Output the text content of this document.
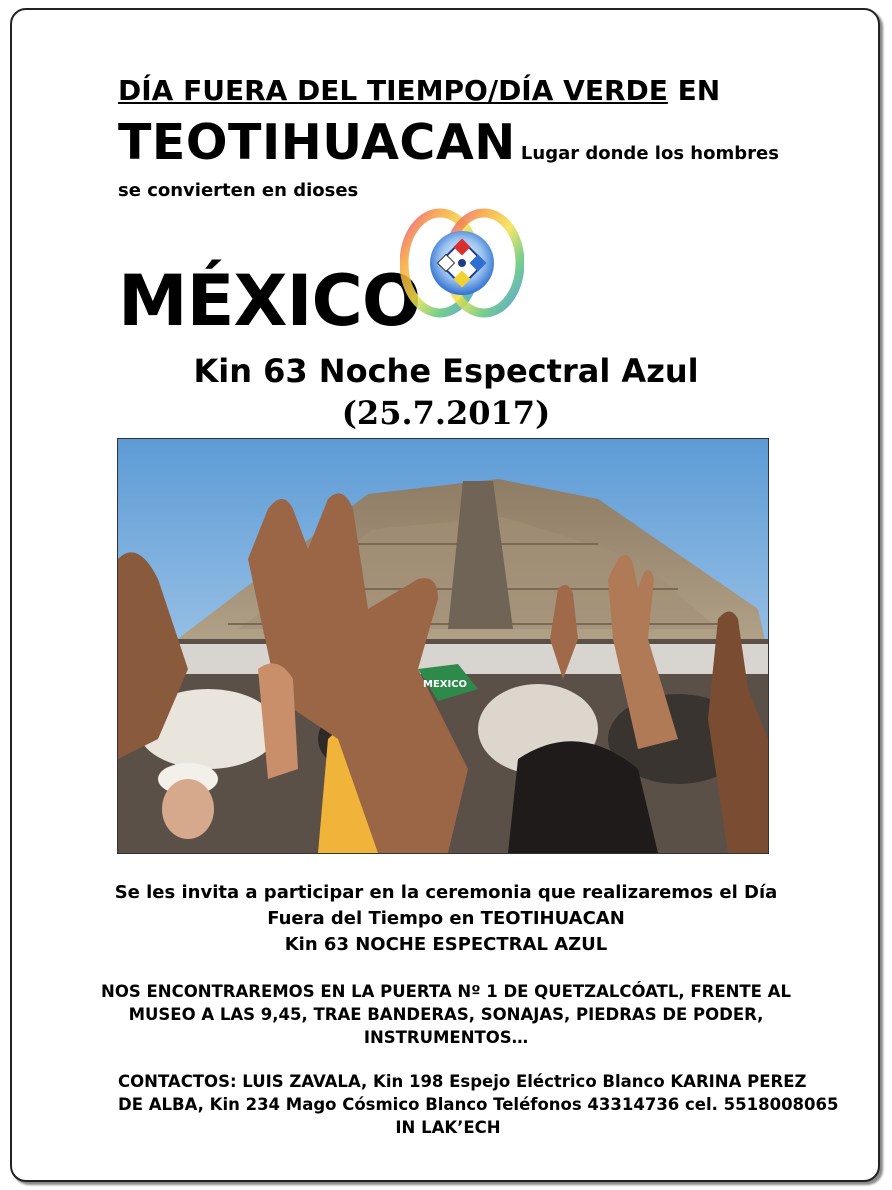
DÍA FUERA DEL TIEMPO/DÍA VERDE EN
TEOTIHUACAN Lugar donde los hombres
se convierten en dioses
MÉXICO
Kin 63 Noche Espectral Azul
(25.7.2017)
MEXICO
Se les invita a participar en la ceremonia que realizaremos el Día
Fuera del Tiempo en TEOTIHUACAN
Kin 63 NOCHE ESPECTRAL AZUL
NOS ENCONTRAREMOS EN LA PUERTA Nº 1 DE QUETZALCÓATL, FRENTE AL
MUSEO A LAS 9,45, TRAE BANDERAS, SONAJAS, PIEDRAS DE PODER,
INSTRUMENTOS…
CONTACTOS: LUIS ZAVALA, Kin 198 Espejo Eléctrico Blanco KARINA PEREZ
DE ALBA, Kin 234 Mago Cósmico Blanco Teléfonos 43314736 cel. 5518008065
IN LAK’ECH
